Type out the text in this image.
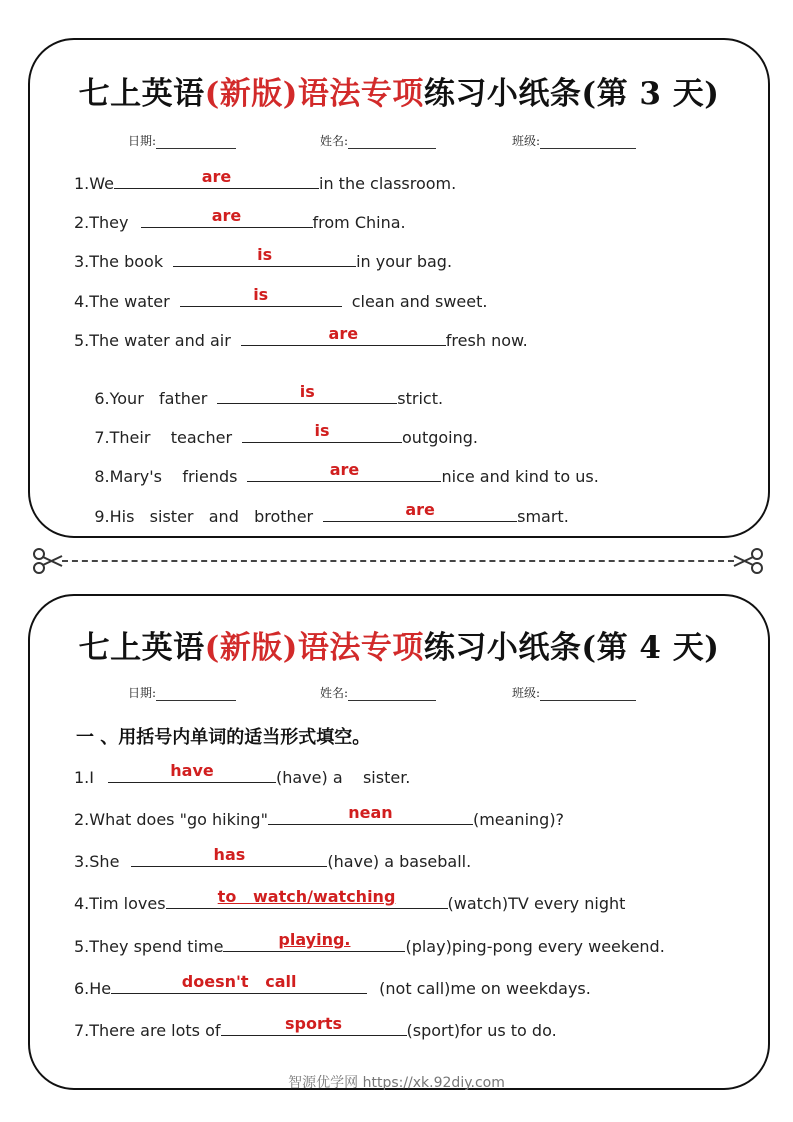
七上英语(新版)语法专项练习小纸条(第 3 天)
日期:	姓名:	班级:
1.We	are	in the classroom.
2.They	are	from China.
3.The book	is	in your bag.
4.The water	is	clean and sweet.
5.The water and air	are	fresh now.

6.Your   father	is	strict.

7.Their    teacher	is	outgoing.

8.Mary's    friends	are	nice and kind to us.

9.His   sister   and   brother	are	smart.

七上英语(新版)语法专项练习小纸条(第 4 天)
日期:	姓名:	班级:
一 、用括号内单词的适当形式填空。
1.I	have	(have) a    sister.
2.What does "go hiking"	nean	(meaning)?
3.She	has	(have) a baseball.
4.Tim loves	to   watch/watching	(watch)TV every night
5.They spend time	playing.	(play)ping-pong every weekend.
6.He	doesn't   call	(not call)me on weekdays.
7.There are lots of	sports	(sport)for us to do.
智源优学网 https://xk.92diy.com
